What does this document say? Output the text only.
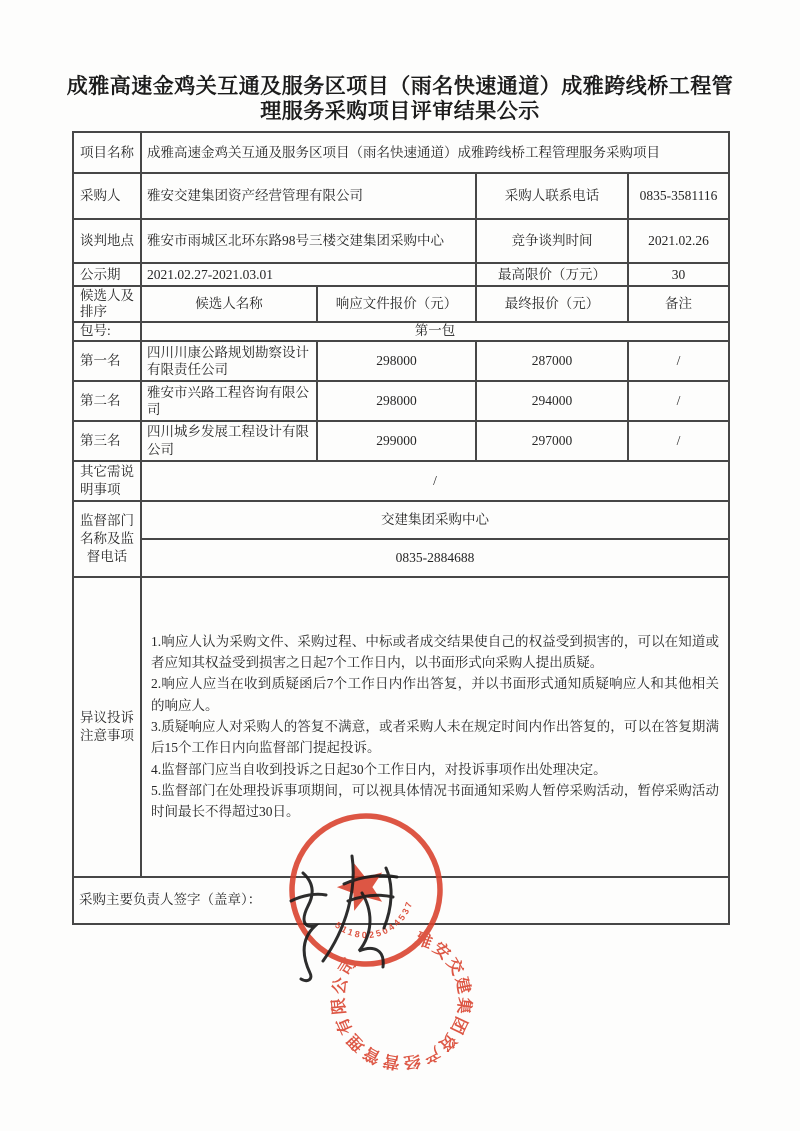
成雅高速金鸡关互通及服务区项目（雨名快速通道）成雅跨线桥工程管
理服务采购项目评审结果公示
项目名称	成雅高速金鸡关互通及服务区项目（雨名快速通道）成雅跨线桥工程管理服务采购项目			
采购人	雅安交建集团资产经营管理有限公司		采购人联系电话	0835-3581116
谈判地点	雅安市雨城区北环东路98号三楼交建集团采购中心		竞争谈判时间	2021.02.26
公示期	2021.02.27-2021.03.01		最高限价（万元）	30
候选人及排序	候选人名称	响应文件报价（元）	最终报价（元）	备注
包号:	第一包			
第一名	四川川康公路规划勘察设计有限责任公司	298000	287000	/
第二名	雅安市兴路工程咨询有限公司	298000	294000	/
第三名	四川城乡发展工程设计有限公司	299000	297000	/
其它需说明事项	/			
监督部门名称及监督电话	交建集团采购中心			
	0835-2884688			
异议投诉注意事项	1.响应人认为采购文件、采购过程、中标或者成交结果使自己的权益受到损害的，可以在知道或者应知其权益受到损害之日起7个工作日内，以书面形式向采购人提出质疑。
2.响应人应当在收到质疑函后7个工作日内作出答复，并以书面形式通知质疑响应人和其他相关的响应人。
3.质疑响应人对采购人的答复不满意，或者采购人未在规定时间内作出答复的，可以在答复期满后15个工作日内向监督部门提起投诉。
4.监督部门应当自收到投诉之日起30个工作日内，对投诉事项作出处理决定。
5.监督部门在处理投诉事项期间，可以视具体情况书面通知采购人暂停采购活动，暂停采购活动时间最长不得超过30日。			

采购主要负责人签字（盖章）：				
雅安交建集团资产经营管理有限公司
5118025044537
